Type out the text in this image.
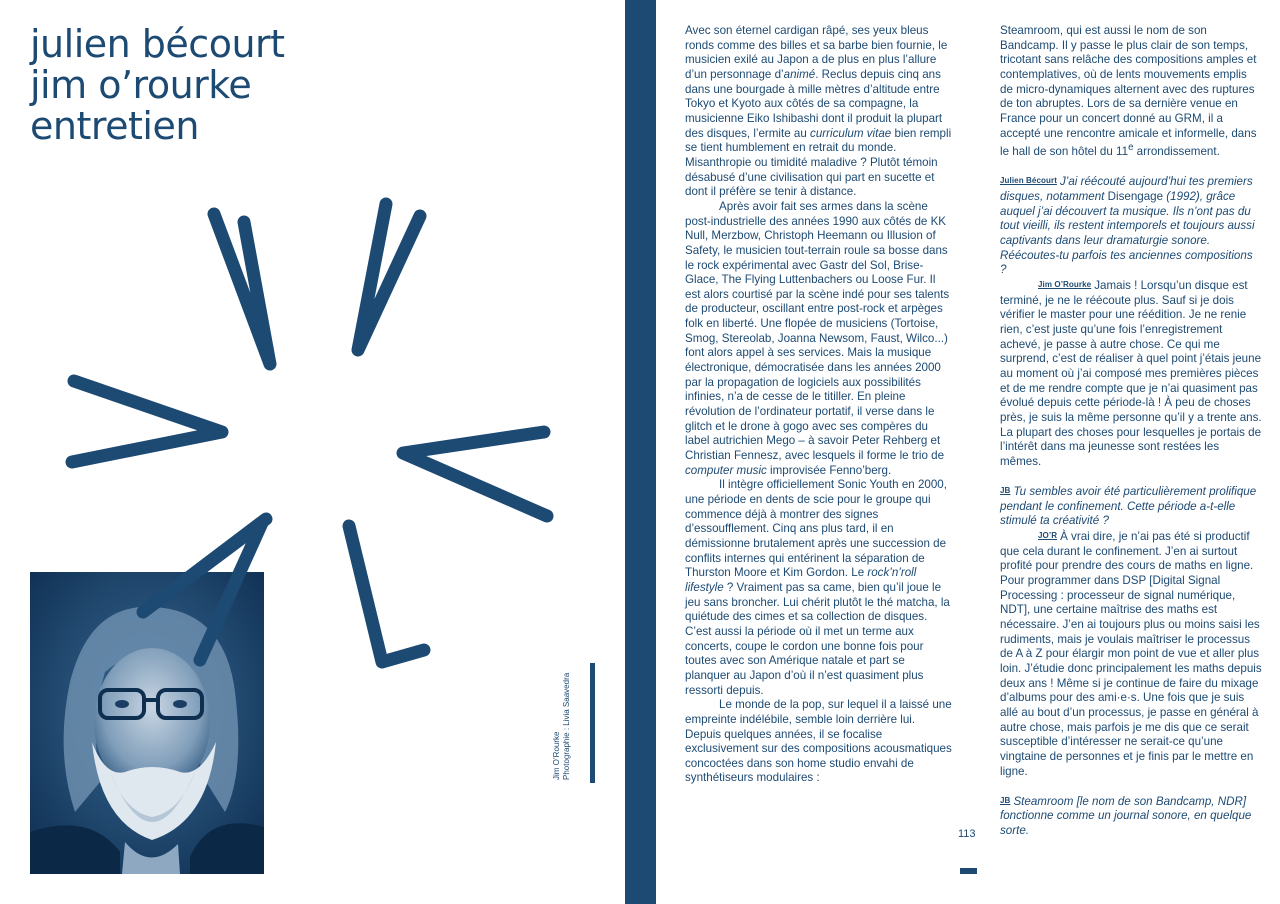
julien bécourt
jim o’rourke
entretien
Jim O’Rourke Photographie : Livia Saavedra

Avec son éternel cardigan râpé, ses yeux bleus ronds comme des billes et sa barbe bien fournie, le musicien exilé au Japon a de plus en plus l’allure d’un personnage d’animé. Reclus depuis cinq ans dans une bourgade à mille mètres d’altitude entre Tokyo et Kyoto aux côtés de sa compagne, la musicienne Eiko Ishibashi dont il produit la plupart des disques, l’ermite au curriculum vitae bien rempli se tient humblement en retrait du monde. Misanthropie ou timidité maladive ? Plutôt témoin désabusé d’une civilisation qui part en sucette et dont il préfère se tenir à distance.

Après avoir fait ses armes dans la scène post-industrielle des années 1990 aux côtés de KK Null, Merzbow, Christoph Heemann ou Illusion of Safety, le musicien tout-terrain roule sa bosse dans le rock expérimental avec Gastr del Sol, Brise-Glace, The Flying Luttenbachers ou Loose Fur. Il est alors courtisé par la scène indé pour ses talents de producteur, oscillant entre post-rock et arpèges folk en liberté. Une flopée de musiciens (Tortoise, Smog, Stereolab, Joanna Newsom, Faust, Wilco...) font alors appel à ses services. Mais la musique électronique, démocratisée dans les années 2000 par la propagation de logiciels aux possibilités infinies, n’a de cesse de le titiller. En pleine révolution de l’ordinateur portatif, il verse dans le glitch et le drone à gogo avec ses compères du label autrichien Mego – à savoir Peter Rehberg et Christian Fennesz, avec lesquels il forme le trio de computer music improvisée Fenno’berg.

Il intègre officiellement Sonic Youth en 2000, une période en dents de scie pour le groupe qui commence déjà à montrer des signes d’essoufflement. Cinq ans plus tard, il en démissionne brutalement après une succession de conflits internes qui entérinent la séparation de Thurston Moore et Kim Gordon. Le rock’n’roll lifestyle ? Vraiment pas sa came, bien qu’il joue le jeu sans broncher. Lui chérit plutôt le thé matcha, la quiétude des cimes et sa collection de disques. C’est aussi la période où il met un terme aux concerts, coupe le cordon une bonne fois pour toutes avec son Amérique natale et part se planquer au Japon d’où il n’est quasiment plus ressorti depuis.

Le monde de la pop, sur lequel il a laissé une empreinte indélébile, semble loin derrière lui. Depuis quelques années, il se focalise exclusivement sur des compositions acousmatiques concoctées dans son home studio envahi de synthétiseurs modulaires :

Steamroom, qui est aussi le nom de son Bandcamp. Il y passe le plus clair de son temps, tricotant sans relâche des compositions amples et contemplatives, où de lents mouvements emplis de micro-dynamiques alternent avec des ruptures de ton abruptes. Lors de sa dernière venue en France pour un concert donné au GRM, il a accepté une rencontre amicale et informelle, dans le hall de son hôtel du 11e arrondissement.

Julien Bécourt J’ai réécouté aujourd’hui tes premiers disques, notamment Disengage (1992), grâce auquel j’ai découvert ta musique. Ils n’ont pas du tout vieilli, ils restent intemporels et toujours aussi captivants dans leur dramaturgie sonore. Réécoutes-tu parfois tes anciennes compositions ?

Jim O’Rourke Jamais ! Lorsqu’un disque est terminé, je ne le réécoute plus. Sauf si je dois vérifier le master pour une réédition. Je ne renie rien, c’est juste qu’une fois l’enregistrement achevé, je passe à autre chose. Ce qui me surprend, c’est de réaliser à quel point j’étais jeune au moment où j’ai composé mes premières pièces et de me rendre compte que je n’ai quasiment pas évolué depuis cette période-là ! À peu de choses près, je suis la même personne qu’il y a trente ans. La plupart des choses pour lesquelles je portais de l’intérêt dans ma jeunesse sont restées les mêmes.

JB Tu sembles avoir été particulièrement prolifique pendant le confinement. Cette période a-t-elle stimulé ta créativité ?

JO’R À vrai dire, je n’ai pas été si productif que cela durant le confinement. J’en ai surtout profité pour prendre des cours de maths en ligne. Pour programmer dans DSP [Digital Signal Processing : processeur de signal numérique, NDT], une certaine maîtrise des maths est nécessaire. J’en ai toujours plus ou moins saisi les rudiments, mais je voulais maîtriser le processus de A à Z pour élargir mon point de vue et aller plus loin. J’étudie donc principalement les maths depuis deux ans ! Même si je continue de faire du mixage d’albums pour des ami·e·s. Une fois que je suis allé au bout d’un processus, je passe en général à autre chose, mais parfois je me dis que ce serait susceptible d’intéresser ne serait-ce qu’une vingtaine de personnes et je finis par le mettre en ligne.

JB Steamroom [le nom de son Bandcamp, NDR] fonctionne comme un journal sonore, en quelque sorte.

113
